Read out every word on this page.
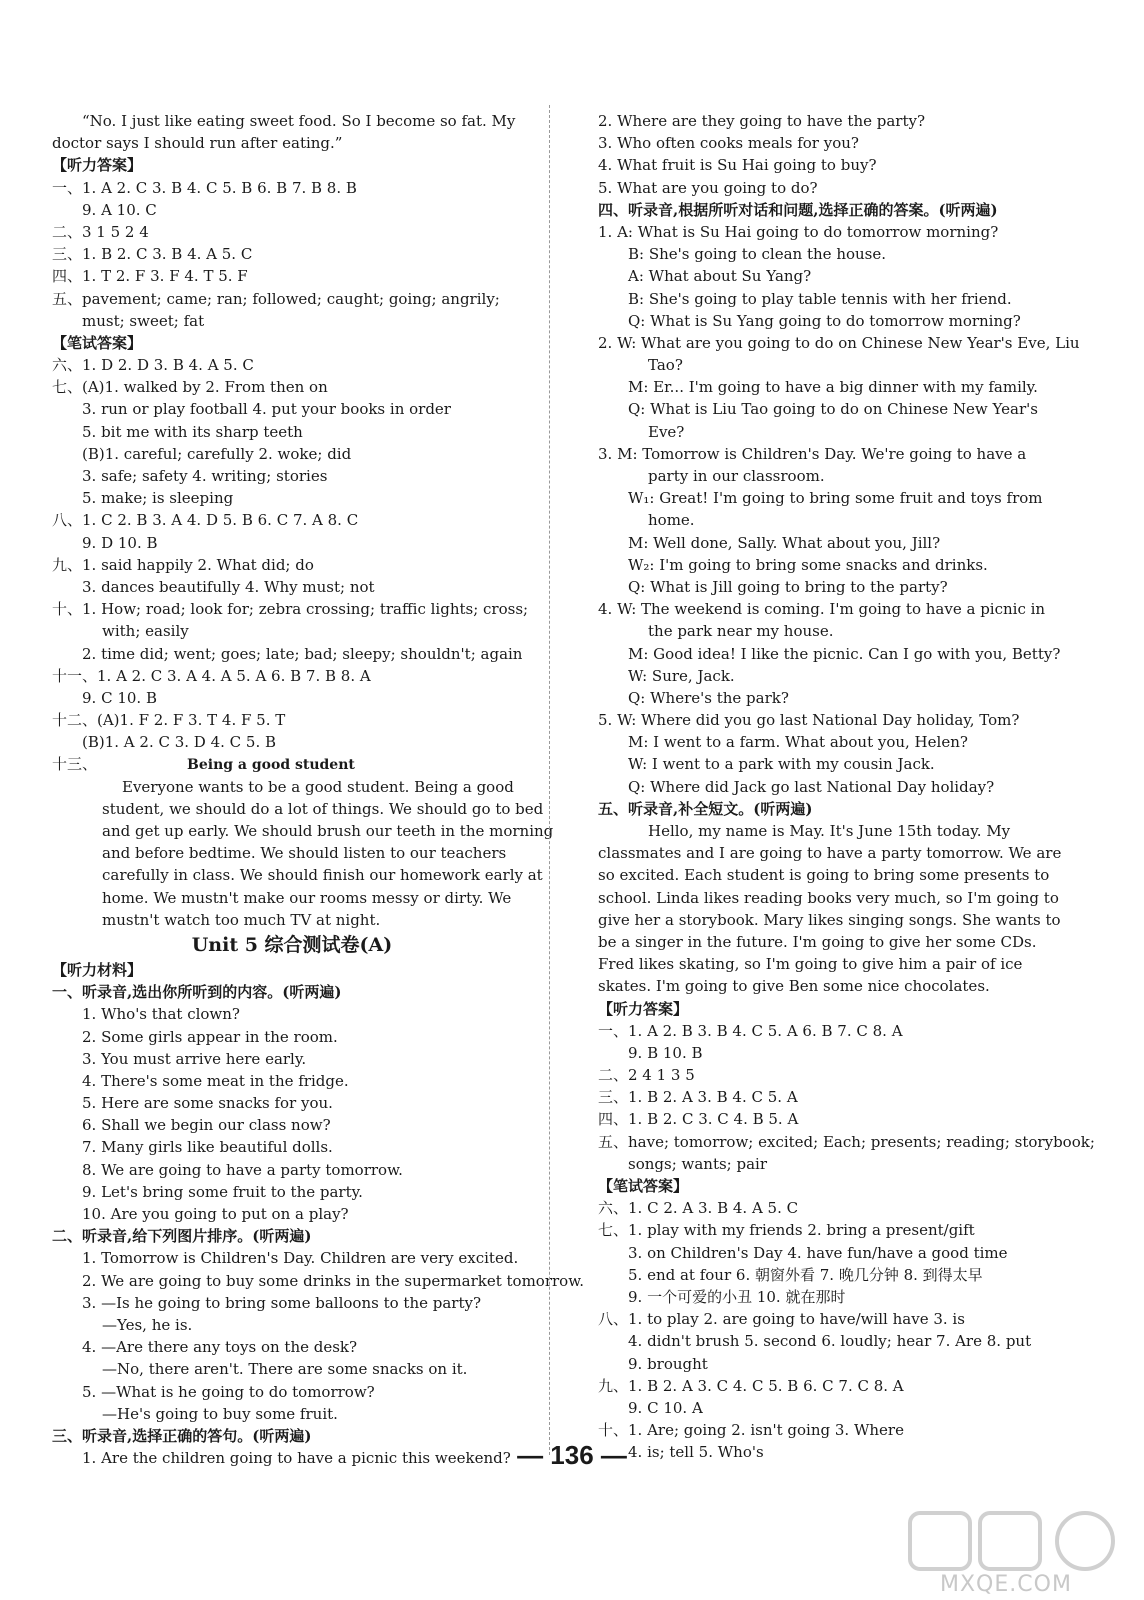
“No. I just like eating sweet food. So I become so fat. My
doctor says I should run after eating.”
【听力答案】
一、1. A 2. C 3. B 4. C 5. B 6. B 7. B 8. B
9. A 10. C
二、3 1 5 2 4
三、1. B 2. C 3. B 4. A 5. C
四、1. T 2. F 3. F 4. T 5. F
五、pavement; came; ran; followed; caught; going; angrily;
must; sweet; fat
【笔试答案】
六、1. D 2. D 3. B 4. A 5. C
七、(A)1. walked by 2. From then on
3. run or play football 4. put your books in order
5. bit me with its sharp teeth
(B)1. careful; carefully 2. woke; did
3. safe; safety 4. writing; stories
5. make; is sleeping
八、1. C 2. B 3. A 4. D 5. B 6. C 7. A 8. C
9. D 10. B
九、1. said happily 2. What did; do
3. dances beautifully 4. Why must; not
十、1. How; road; look for; zebra crossing; traffic lights; cross;
with; easily
2. time did; went; goes; late; bad; sleepy; shouldn't; again
十一、1. A 2. C 3. A 4. A 5. A 6. B 7. B 8. A
9. C 10. B
十二、(A)1. F 2. F 3. T 4. F 5. T
(B)1. A 2. C 3. D 4. C 5. B
十三、	Being a good student
Everyone wants to be a good student. Being a good
student, we should do a lot of things. We should go to bed
and get up early. We should brush our teeth in the morning
and before bedtime. We should listen to our teachers
carefully in class. We should finish our homework early at
home. We mustn't make our rooms messy or dirty. We
mustn't watch too much TV at night.
Unit 5 综合测试卷(A)
【听力材料】
一、听录音,选出你所听到的内容。(听两遍)
1. Who's that clown?
2. Some girls appear in the room.
3. You must arrive here early.
4. There's some meat in the fridge.
5. Here are some snacks for you.
6. Shall we begin our class now?
7. Many girls like beautiful dolls.
8. We are going to have a party tomorrow.
9. Let's bring some fruit to the party.
10. Are you going to put on a play?
二、听录音,给下列图片排序。(听两遍)
1. Tomorrow is Children's Day. Children are very excited.
2. We are going to buy some drinks in the supermarket tomorrow.
3. —Is he going to bring some balloons to the party?
—Yes, he is.
4. —Are there any toys on the desk?
—No, there aren't. There are some snacks on it.
5. —What is he going to do tomorrow?
—He's going to buy some fruit.
三、听录音,选择正确的答句。(听两遍)
1. Are the children going to have a picnic this weekend?
2. Where are they going to have the party?
3. Who often cooks meals for you?
4. What fruit is Su Hai going to buy?
5. What are you going to do?
四、听录音,根据所听对话和问题,选择正确的答案。(听两遍)
1. A: What is Su Hai going to do tomorrow morning?
B: She's going to clean the house.
A: What about Su Yang?
B: She's going to play table tennis with her friend.
Q: What is Su Yang going to do tomorrow morning?
2. W: What are you going to do on Chinese New Year's Eve, Liu
Tao?
M: Er... I'm going to have a big dinner with my family.
Q: What is Liu Tao going to do on Chinese New Year's
Eve?
3. M: Tomorrow is Children's Day. We're going to have a
party in our classroom.
W₁: Great! I'm going to bring some fruit and toys from
home.
M: Well done, Sally. What about you, Jill?
W₂: I'm going to bring some snacks and drinks.
Q: What is Jill going to bring to the party?
4. W: The weekend is coming. I'm going to have a picnic in
the park near my house.
M: Good idea! I like the picnic. Can I go with you, Betty?
W: Sure, Jack.
Q: Where's the park?
5. W: Where did you go last National Day holiday, Tom?
M: I went to a farm. What about you, Helen?
W: I went to a park with my cousin Jack.
Q: Where did Jack go last National Day holiday?
五、听录音,补全短文。(听两遍)
Hello, my name is May. It's June 15th today. My
classmates and I are going to have a party tomorrow. We are
so excited. Each student is going to bring some presents to
school. Linda likes reading books very much, so I'm going to
give her a storybook. Mary likes singing songs. She wants to
be a singer in the future. I'm going to give her some CDs.
Fred likes skating, so I'm going to give him a pair of ice
skates. I'm going to give Ben some nice chocolates.
【听力答案】
一、1. A 2. B 3. B 4. C 5. A 6. B 7. C 8. A
9. B 10. B
二、2 4 1 3 5
三、1. B 2. A 3. B 4. C 5. A
四、1. B 2. C 3. C 4. B 5. A
五、have; tomorrow; excited; Each; presents; reading; storybook;
songs; wants; pair
【笔试答案】
六、1. C 2. A 3. B 4. A 5. C
七、1. play with my friends 2. bring a present/gift
3. on Children's Day 4. have fun/have a good time
5. end at four 6. 朝窗外看 7. 晚几分钟 8. 到得太早
9. 一个可爱的小丑 10. 就在那时
八、1. to play 2. are going to have/will have 3. is
4. didn't brush 5. second 6. loudly; hear 7. Are 8. put
9. brought
九、1. B 2. A 3. C 4. C 5. B 6. C 7. C 8. A
9. C 10. A
十、1. Are; going 2. isn't going 3. Where
4. is; tell 5. Who's
— 136 —
MXQE.COM
